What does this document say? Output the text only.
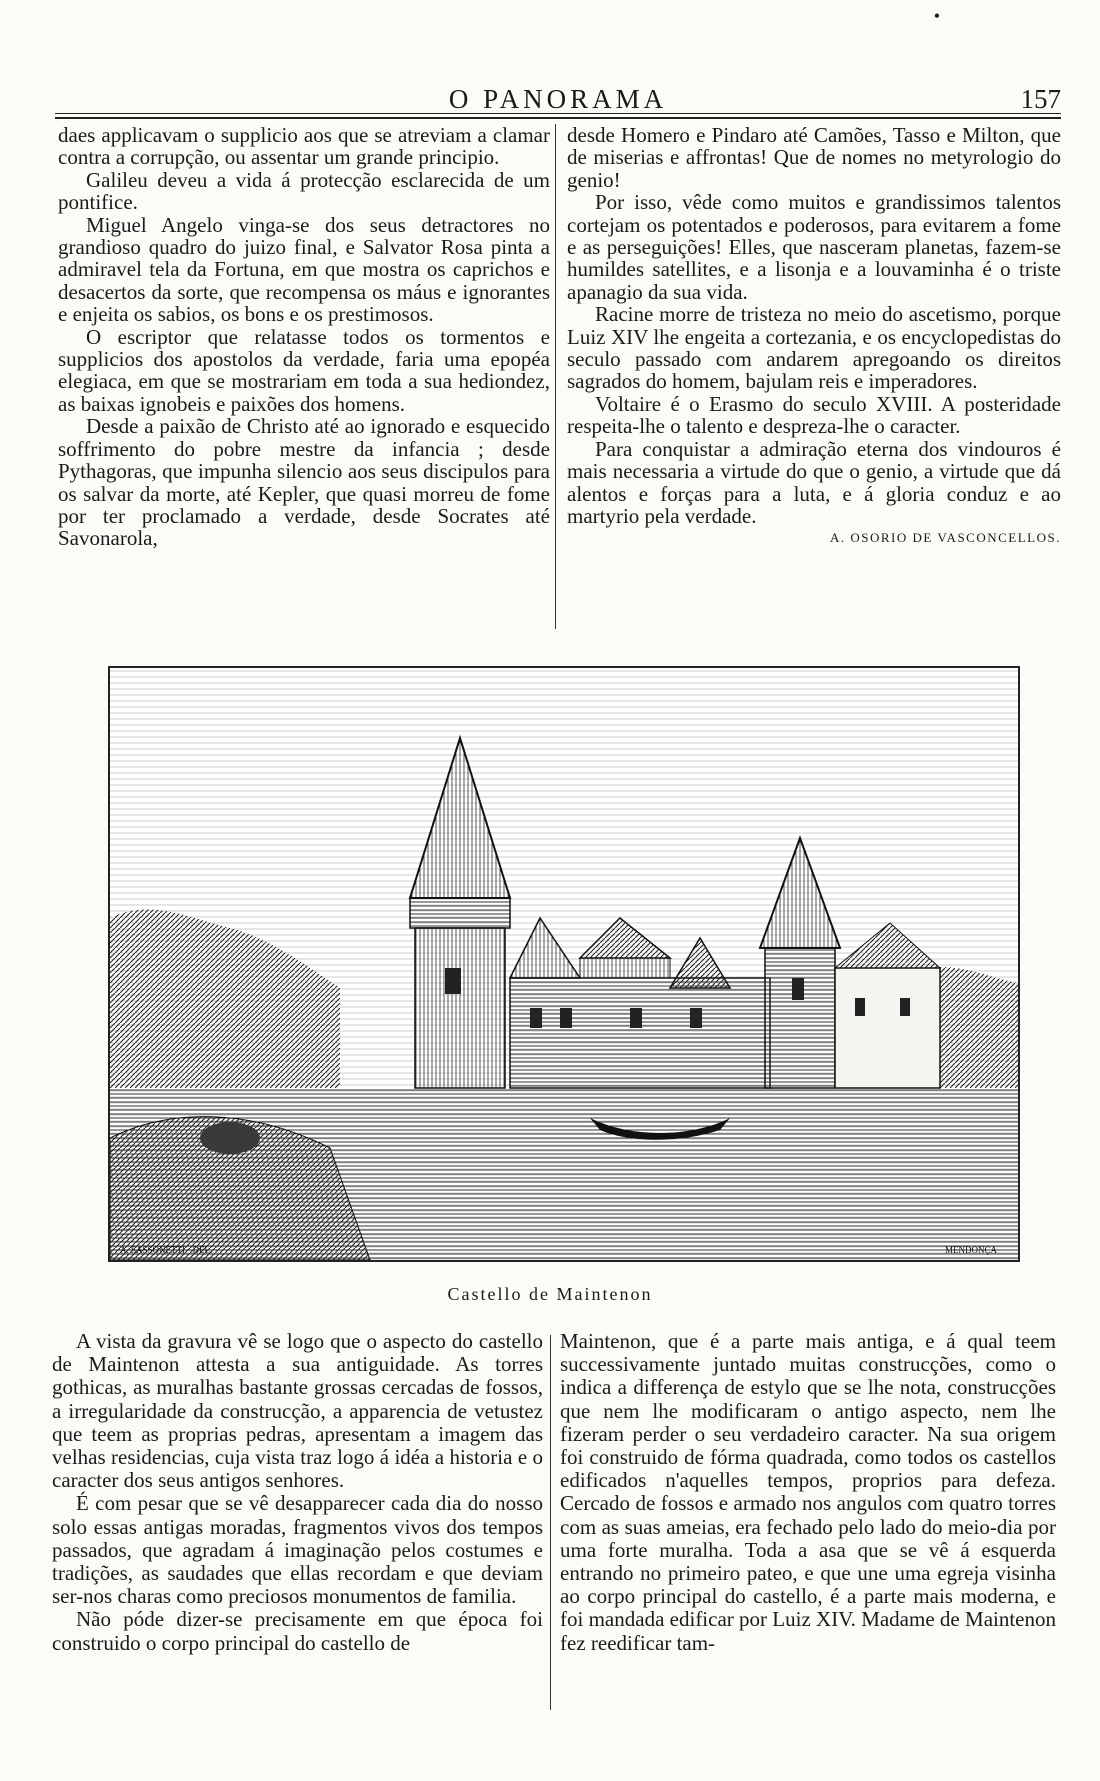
•
O PANORAMA	157

daes applicavam o supplicio aos que se atreviam a clamar contra a corrupção, ou assentar um grande principio.

Galileu deveu a vida á protecção esclarecida de um pontifice.

Miguel Angelo vinga-se dos seus detractores no grandioso quadro do juizo final, e Salvator Rosa pinta a admiravel tela da Fortuna, em que mostra os caprichos e desacertos da sorte, que recompensa os máus e ignorantes e enjeita os sabios, os bons e os prestimosos.

O escriptor que relatasse todos os tormentos e supplicios dos apostolos da verdade, faria uma epopéa elegiaca, em que se mostrariam em toda a sua hediondez, as baixas ignobeis e paixões dos homens.

Desde a paixão de Christo até ao ignorado e esquecido soffrimento do pobre mestre da infancia ; desde Pythagoras, que impunha silencio aos seus discipulos para os salvar da morte, até Kepler, que quasi morreu de fome por ter proclamado a verdade, desde Socrates até Savonarola,

desde Homero e Pindaro até Camões, Tasso e Milton, que de miserias e affrontas! Que de nomes no metyrologio do genio!

Por isso, vêde como muitos e grandissimos talentos cortejam os potentados e poderosos, para evitarem a fome e as perseguições! Elles, que nasceram planetas, fazem-se humildes satellites, e a lisonja e a louvaminha é o triste apanagio da sua vida.

Racine morre de tristeza no meio do ascetismo, porque Luiz XIV lhe engeita a cortezania, e os encyclopedistas do seculo passado com andarem apregoando os direitos sagrados do homem, bajulam reis e imperadores.

Voltaire é o Erasmo do seculo XVIII. A posteridade respeita-lhe o talento e despreza-lhe o caracter.

Para conquistar a admiração eterna dos vindouros é mais necessaria a virtude do que o genio, a virtude que dá alentos e forças para a luta, e á gloria conduz e ao martyrio pela verdade.

A. OSORIO DE VASCONCELLOS.

A. SASSONETTI · DEL.	MENDONÇA
Castello de Maintenon

A vista da gravura vê se logo que o aspecto do castello de Maintenon attesta a sua antiguidade. As torres gothicas, as muralhas bastante grossas cercadas de fossos, a irregularidade da construcção, a apparencia de vetustez que teem as proprias pedras, apresentam a imagem das velhas residencias, cuja vista traz logo á idéa a historia e o caracter dos seus antigos senhores.

É com pesar que se vê desapparecer cada dia do nosso solo essas antigas moradas, fragmentos vivos dos tempos passados, que agradam á imaginação pelos costumes e tradições, as saudades que ellas recordam e que deviam ser-nos charas como preciosos monumentos de familia.

Não póde dizer-se precisamente em que época foi construido o corpo principal do castello de

Maintenon, que é a parte mais antiga, e á qual teem successivamente juntado muitas construcções, como o indica a differença de estylo que se lhe nota, construcções que nem lhe modificaram o antigo aspecto, nem lhe fizeram perder o seu verdadeiro caracter. Na sua origem foi construido de fórma quadrada, como todos os castellos edificados n'aquelles tempos, proprios para defeza. Cercado de fossos e armado nos angulos com quatro torres com as suas ameias, era fechado pelo lado do meio-dia por uma forte muralha. Toda a asa que se vê á esquerda entrando no primeiro pateo, e que une uma egreja visinha ao corpo principal do castello, é a parte mais moderna, e foi mandada edificar por Luiz XIV. Madame de Maintenon fez reedificar tam-
